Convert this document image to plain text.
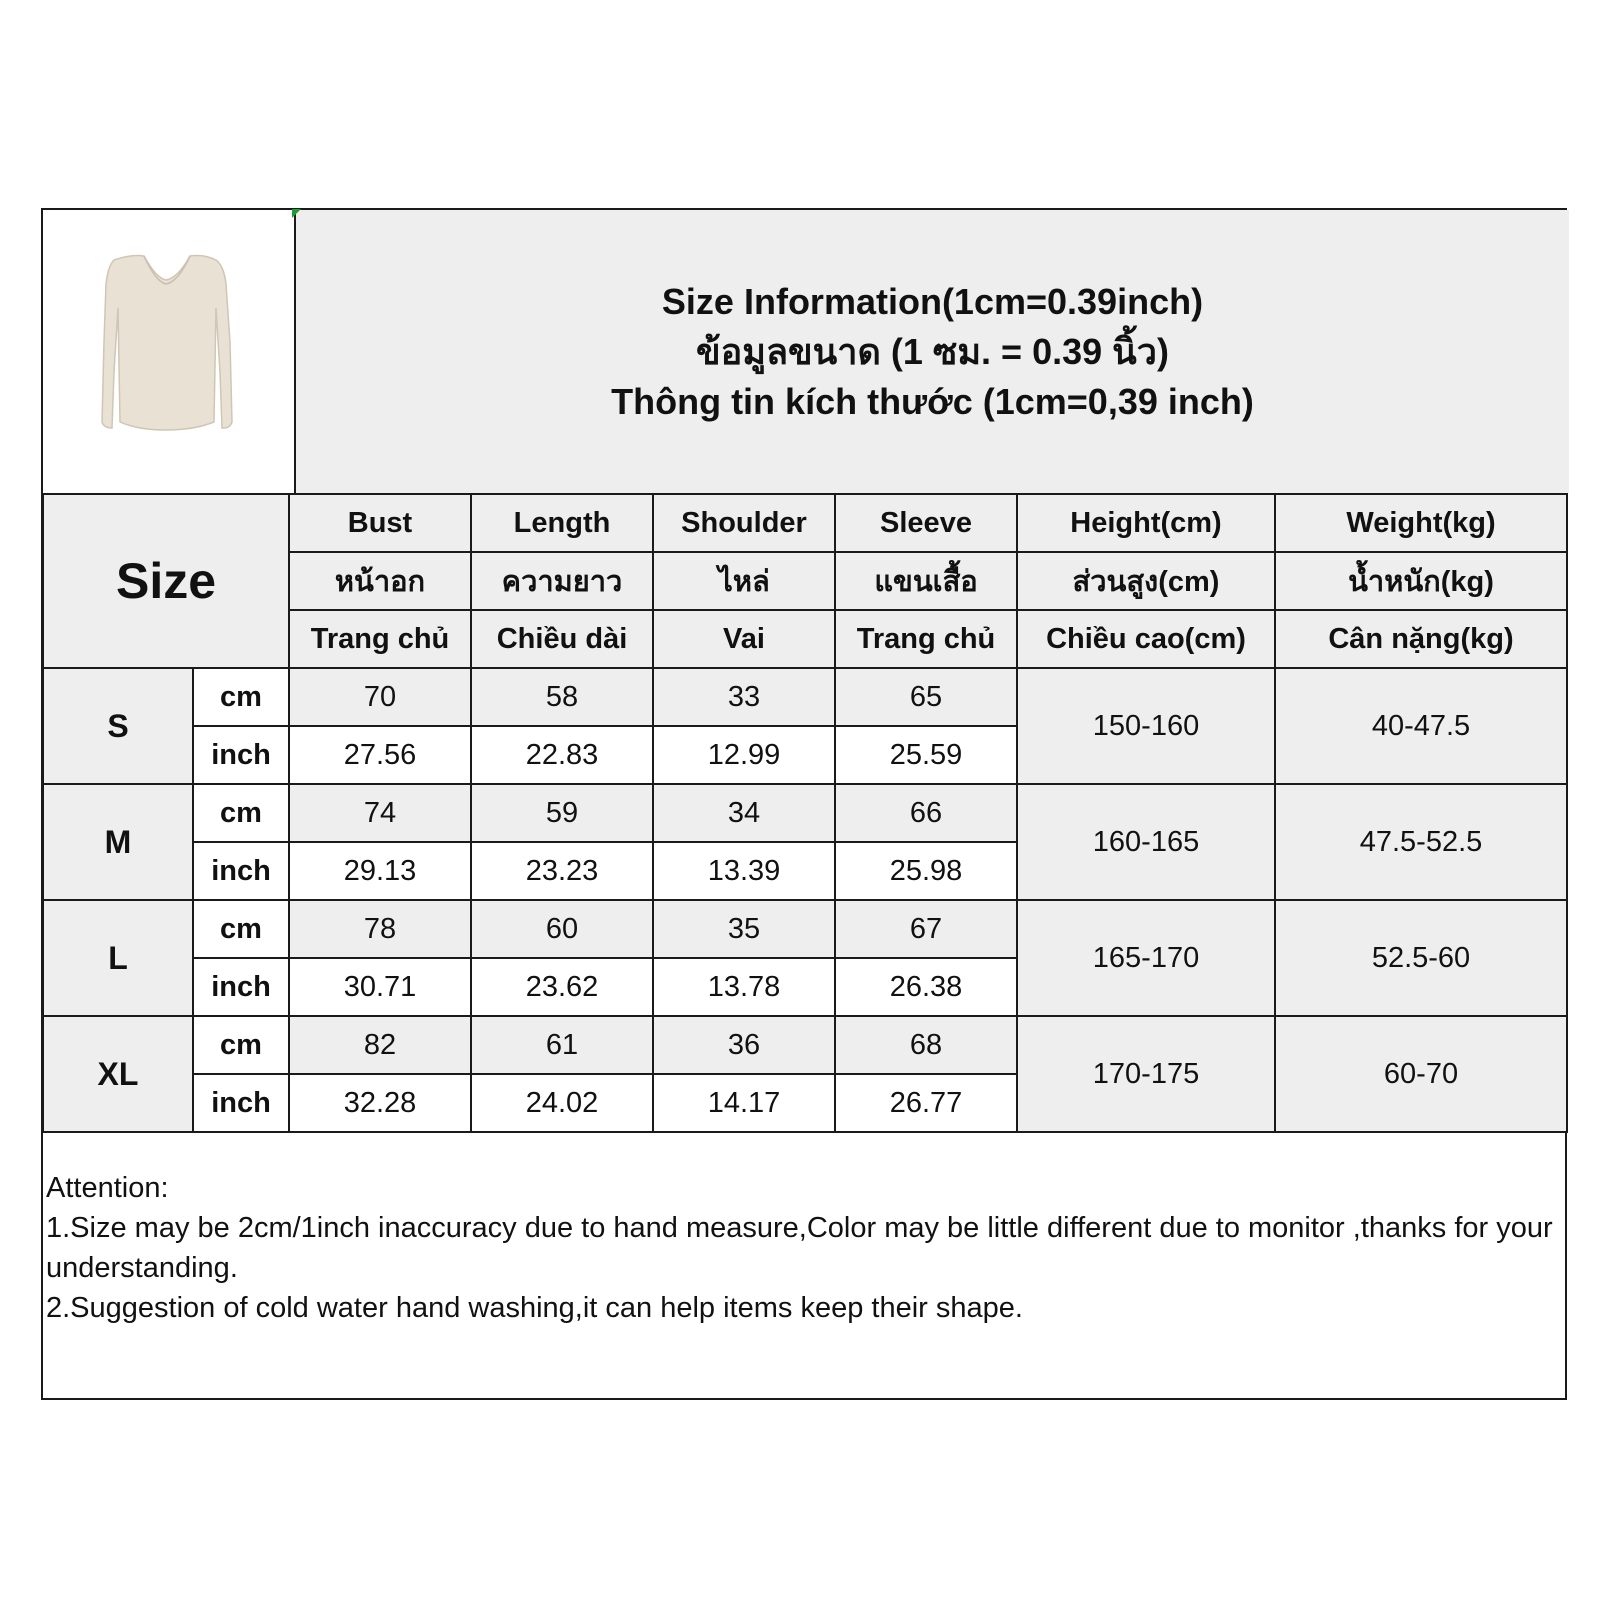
Size Information(1cm=0.39inch)
ข้อมูลขนาด (1 ซม. = 0.39 นิ้ว)
Thông tin kích thước (1cm=0,39 inch)
Size		Bust	Length	Shoulder	Sleeve	Height(cm)	Weight(kg)
		หน้าอก	ความยาว	ไหล่	แขนเสื้อ	ส่วนสูง(cm)	น้ำหนัก(kg)
		Trang chủ	Chiều dài	Vai	Trang chủ	Chiều cao(cm)	Cân nặng(kg)
S	cm	70	58	33	65	150-160	40-47.5
	inch	27.56	22.83	12.99	25.59		
M	cm	74	59	34	66	160-165	47.5-52.5
	inch	29.13	23.23	13.39	25.98		
L	cm	78	60	35	67	165-170	52.5-60
	inch	30.71	23.62	13.78	26.38		
XL	cm	82	61	36	68	170-175	60-70
	inch	32.28	24.02	14.17	26.77		
Attention:
1.Size may be 2cm/1inch inaccuracy due to hand measure,Color may be little different due to monitor ,thanks for your understanding.
2.Suggestion of cold water hand washing,it can help items keep their shape.
